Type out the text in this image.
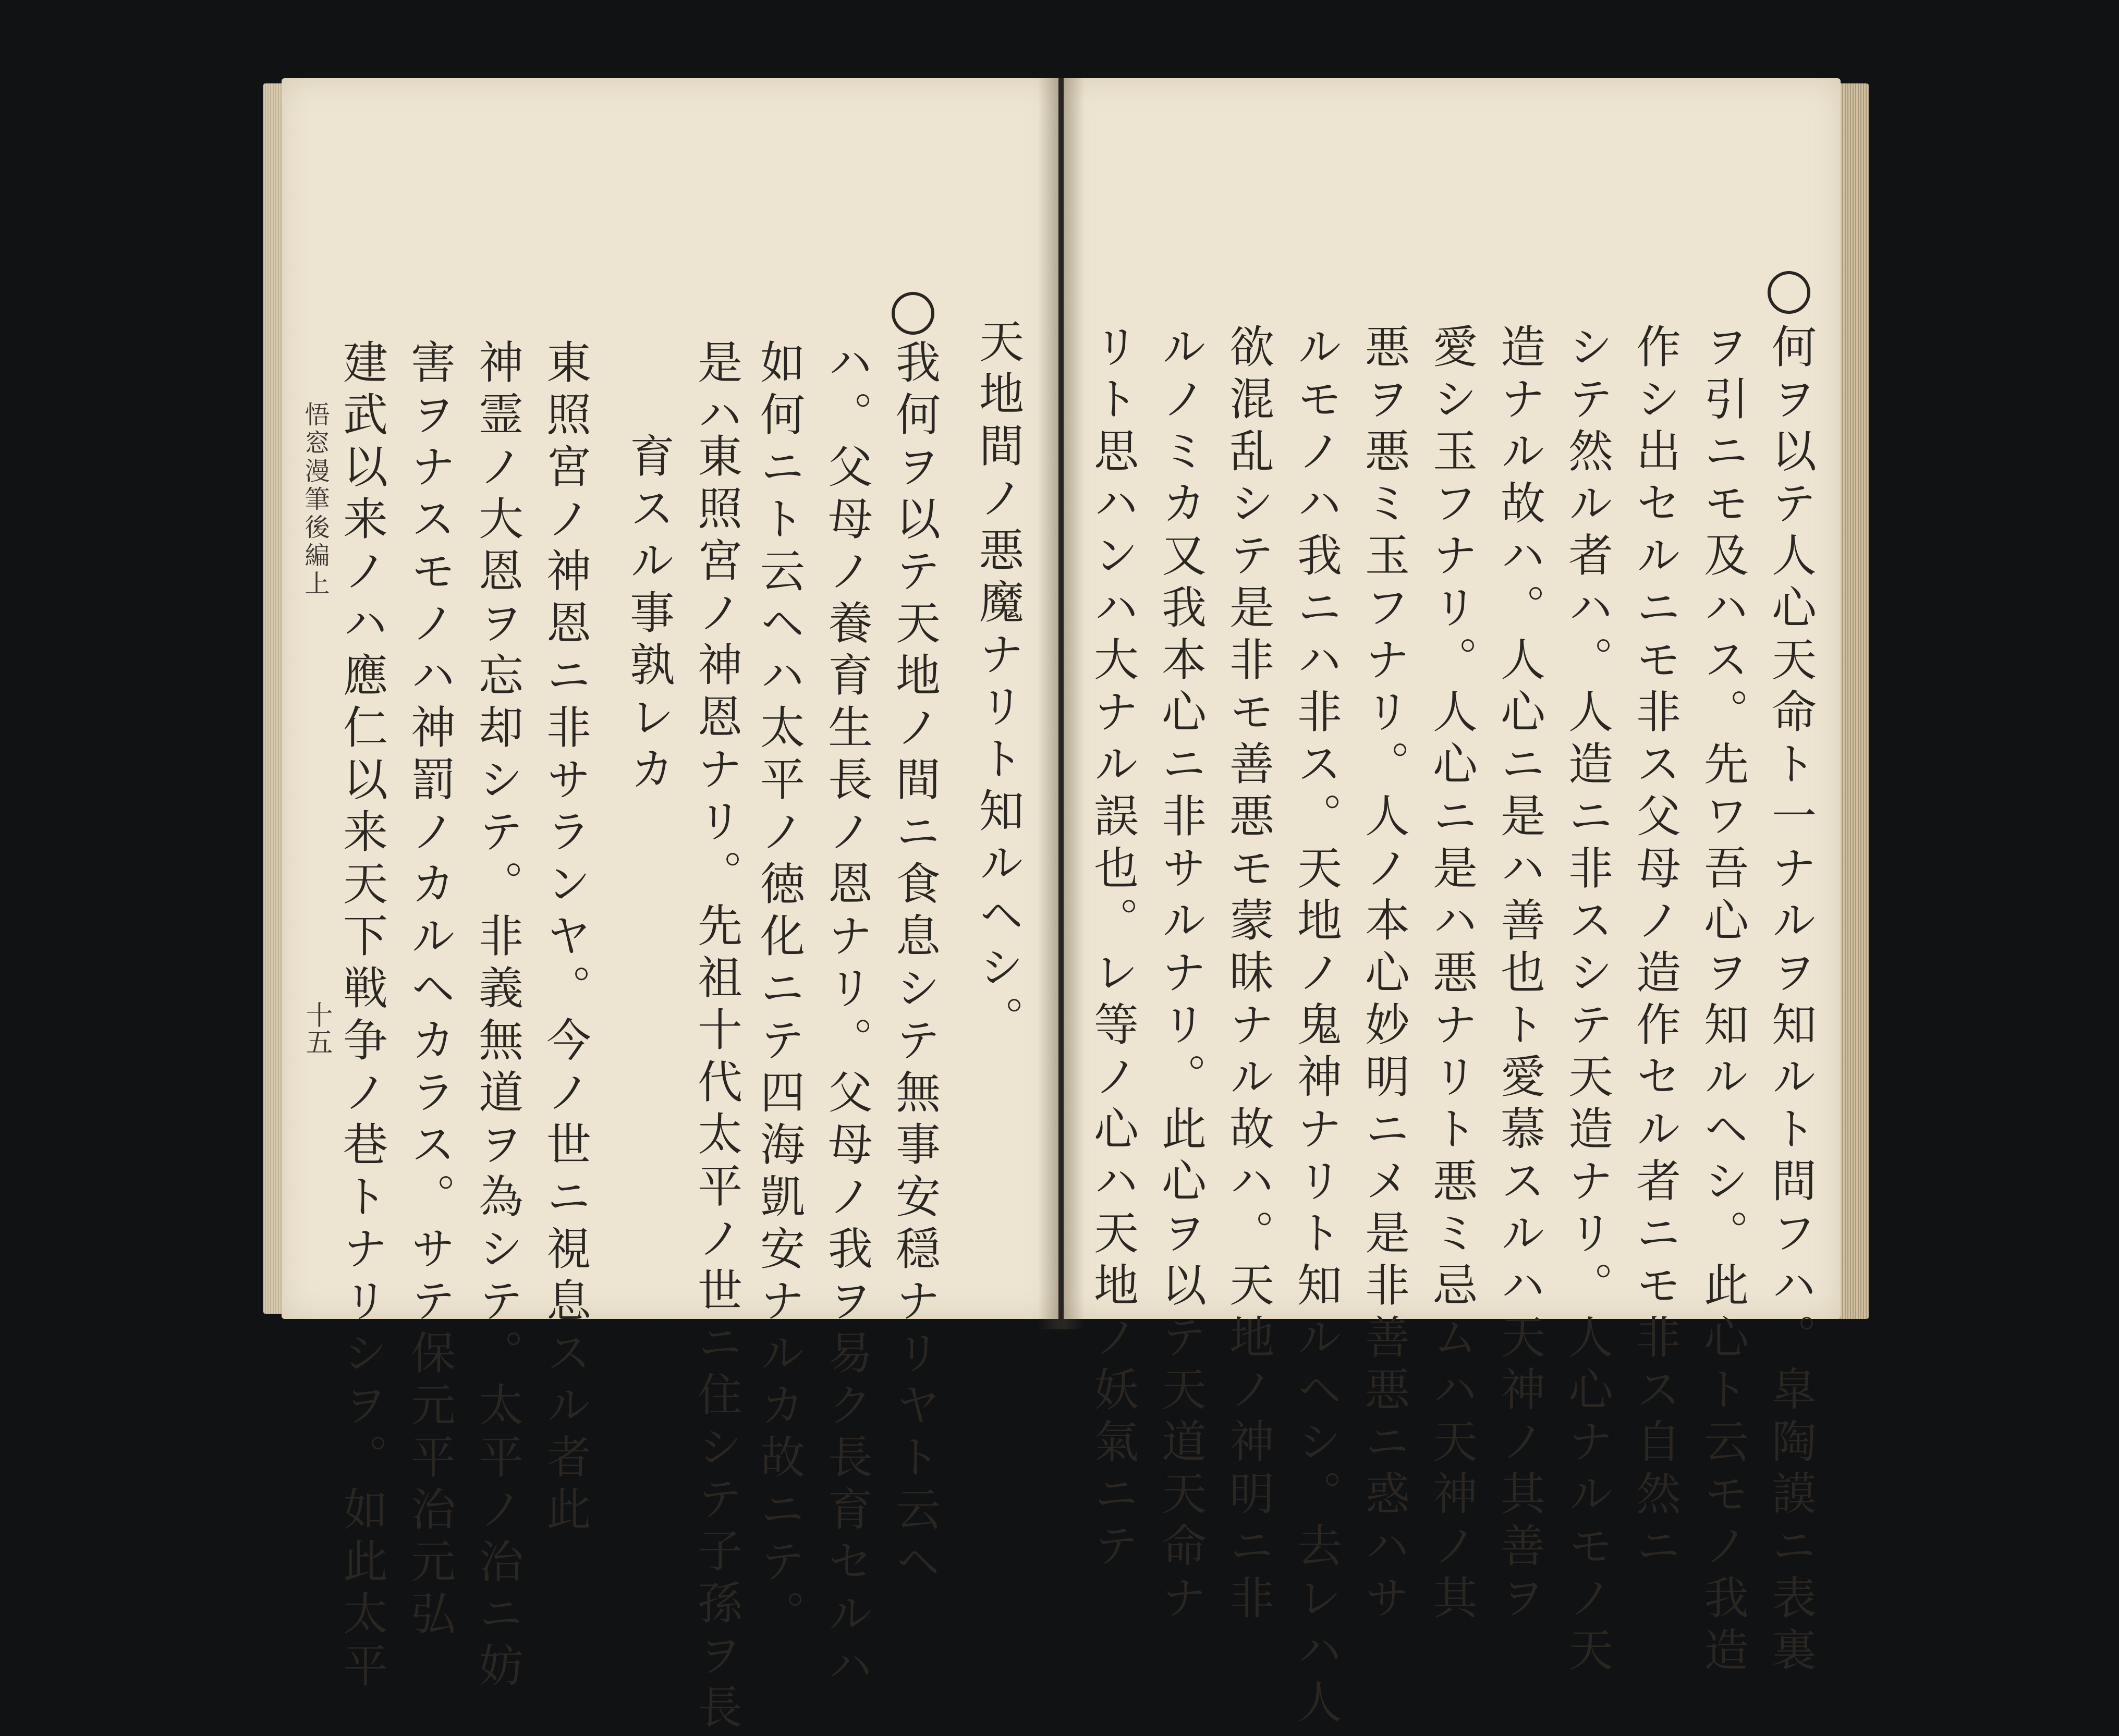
天地間ノ悪魔ナリト知ルヘシ。
我何ヲ以テ天地ノ間ニ食息シテ無事安穏ナリヤト云ヘ
ハ。父母ノ養育生長ノ恩ナリ。父母ノ我ヲ易ク長育セルハ
如何ニト云ヘハ太平ノ徳化ニテ四海凱安ナルカ故ニテ。
是ハ
東照宮ノ神恩ナリ。先祖十代太平ノ世ニ住シテ子孫ヲ長
育スル事孰レカ
東照宮ノ神恩ニ非サランヤ。今ノ世ニ視息スル者此
神霊ノ大恩ヲ忘却シテ。非義無道ヲ為シテ。太平ノ治ニ妨
害ヲナスモノハ神罰ノカルヘカラス。サテ保元平治元弘
建武以来ノハ應仁以来天下戦争ノ巷トナリシヲ。如此太平
悟窓漫筆後編上
十五	何ヲ以テ人心天命ト一ナルヲ知ルト問フハ。皐陶謨ニ表裏
ヲ引ニモ及ハス。先ワ吾心ヲ知ルヘシ。此心ト云モノ我造
作シ出セルニモ非ス父母ノ造作セル者ニモ非ス自然ニ
シテ然ル者ハ。人造ニ非スシテ天造ナリ。人心ナルモノ天
造ナル故ハ。人心ニ是ハ善也ト愛慕スルハ天神ノ其善ヲ
愛シ玉フナリ。人心ニ是ハ悪ナリト悪ミ忌ムハ天神ノ其
悪ヲ悪ミ玉フナリ。人ノ本心妙明ニメ是非善悪ニ惑ハサ
ルモノハ我ニハ非ス。天地ノ鬼神ナリト知ルヘシ。去レハ人
欲混乱シテ是非モ善悪モ蒙昧ナル故ハ。天地ノ神明ニ非
ルノミカ又我本心ニ非サルナリ。此心ヲ以テ天道天命ナ
リト思ハンハ大ナル誤也。レ等ノ心ハ天地ノ妖氣ニテ
